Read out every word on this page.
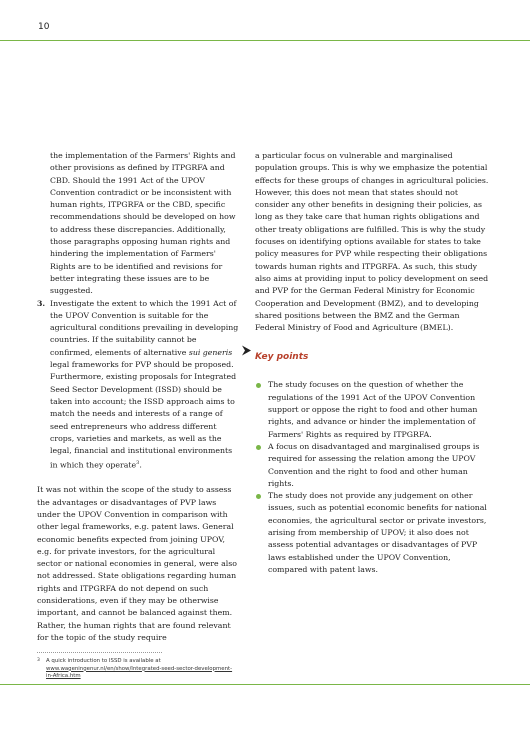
10

the implementation of the Farmers' Rights and other provisions as defined by ITPGRFA and CBD. Should the 1991 Act of the UPOV Convention contradict or be inconsistent with human rights, ITPGRFA or the CBD, specific recommendations should be developed on how to address these discrepancies. Additionally, those paragraphs opposing human rights and hindering the implementation of Farmers' Rights are to be identified and revisions for better integrating these issues are to be suggested.

3. Investigate the extent to which the 1991 Act of the UPOV Convention is suitable for the agricultural conditions prevailing in developing countries. If the suitability cannot be confirmed, elements of alternative sui generis legal frameworks for PVP should be proposed. Furthermore, existing proposals for Integrated Seed Sector Development (ISSD) should be taken into account; the ISSD approach aims to match the needs and interests of a range of seed entrepreneurs who address different crops, varieties and markets, as well as the legal, financial and institutional environments in which they operate$^3$.

It was not within the scope of the study to assess the advantages or disadvantages of PVP laws under the UPOV Convention in comparison with other legal frameworks, e.g. patent laws. General economic benefits expected from joining UPOV, e.g. for private investors, for the agricultural sector or national economies in general, were also not addressed. State obligations regarding human rights and ITPGRFA do not depend on such considerations, even if they may be otherwise important, and cannot be balanced against them. Rather, the human rights that are found relevant for the topic of the study require

a particular focus on vulnerable and marginalised population groups. This is why we emphasize the potential effects for these groups of changes in agricultural policies. However, this does not mean that states should not consider any other benefits in designing their policies, as long as they take care that human rights obligations and other treaty obligations are fulfilled. This is why the study focuses on identifying options available for states to take policy measures for PVP while respecting their obligations towards human rights and ITPGRFA. As such, this study also aims at providing input to policy development on seed and PVP for the German Federal Ministry for Economic Cooperation and Development (BMZ), and to developing shared positions between the BMZ and the German Federal Ministry of Food and Agriculture (BMEL).

Key points
The study focuses on the question of whether the regulations of the 1991 Act of the UPOV Convention support or oppose the right to food and other human rights, and advance or hinder the implementation of Farmers' Rights as required by ITPGRFA.
A focus on disadvantaged and marginalised groups is required for assessing the relation among the UPOV Convention and the right to food and other human rights.
The study does not provide any judgement on other issues, such as potential economic benefits for national economies, the agricultural sector or private investors, arising from membership of UPOV; it also does not assess potential advantages or disadvantages of PVP laws established under the UPOV Convention, compared with patent laws.
3 A quick introduction to ISSD is available at
www.wageningenur.nl/en/show/Integrated-seed-sector-development-in-Africa.htm
